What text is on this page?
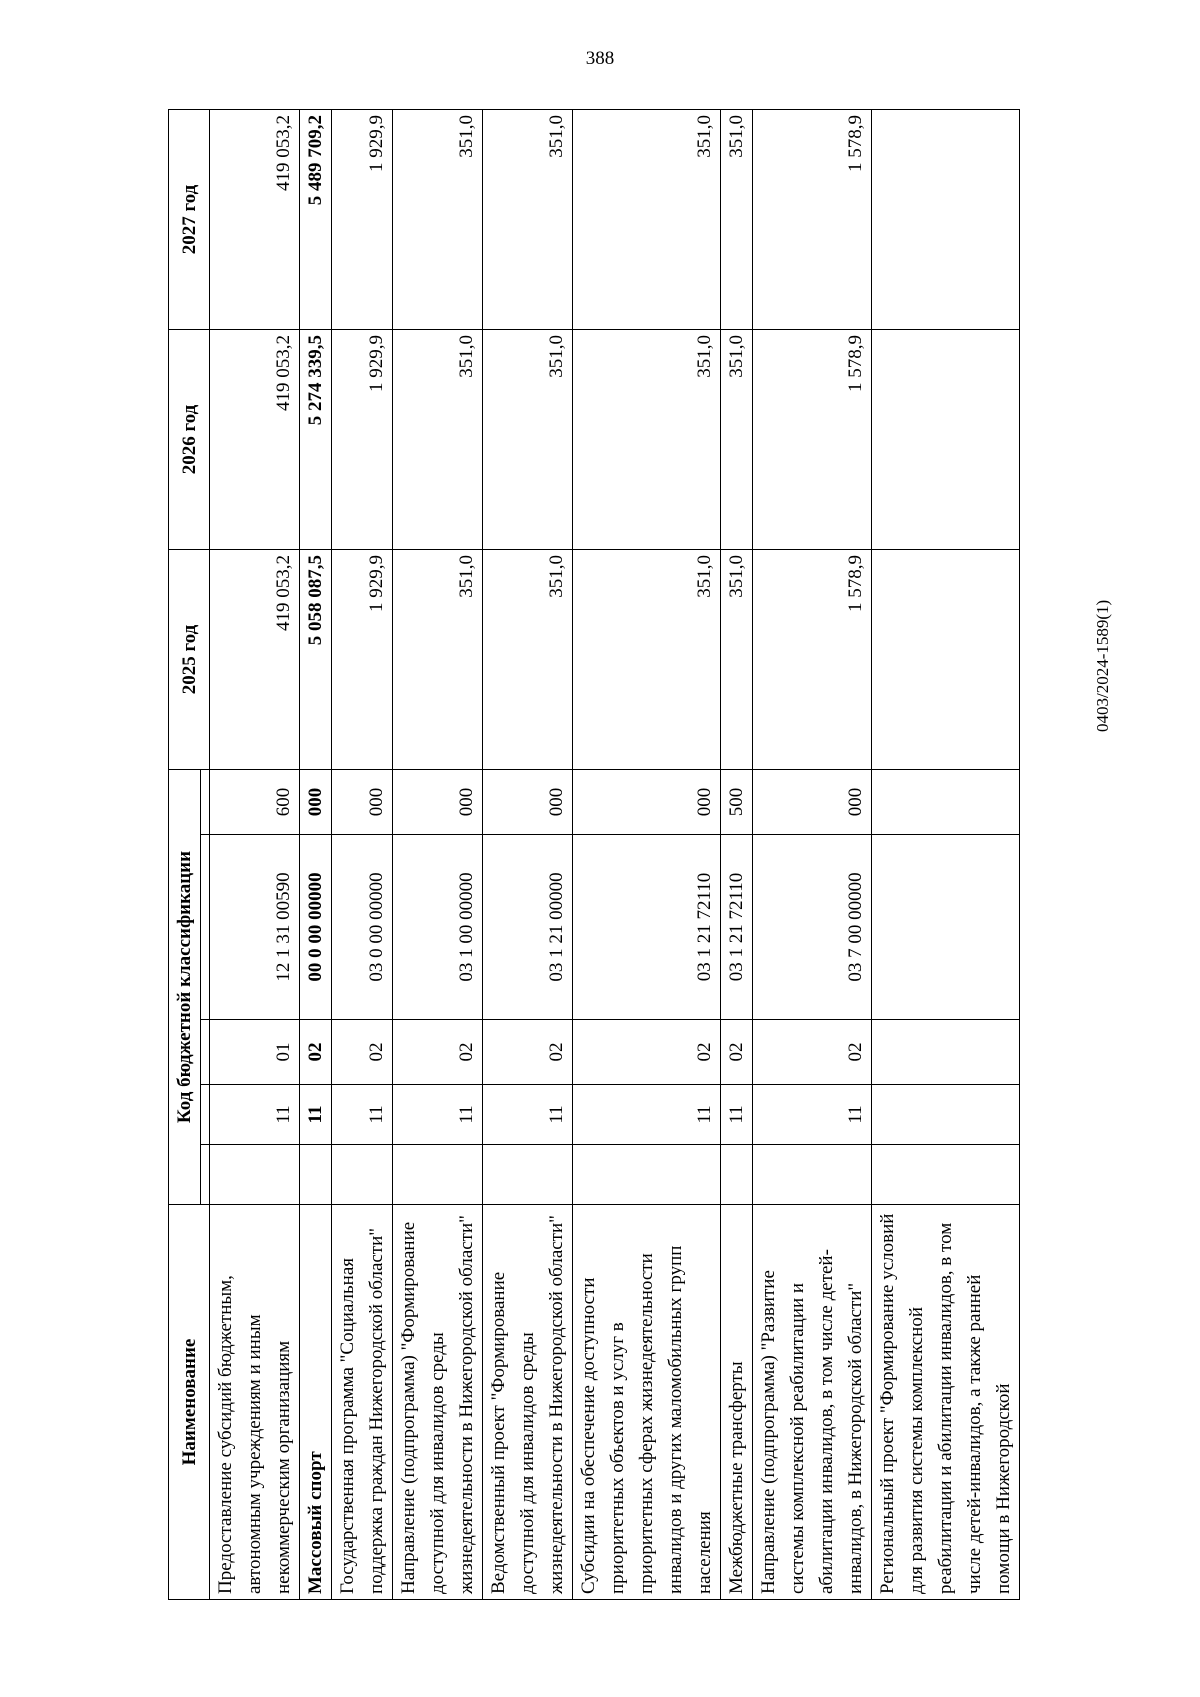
388
Наименование	Код бюджетной классификации					2025 год	2026 год	2027 год

Предоставление субсидий бюджетным, автономным учреждениям и иным некоммерческим организациям		11	01	12 1 31 00590	600	419 053,2	419 053,2	419 053,2
Массовый спорт		11	02	00 0 00 00000	000	5 058 087,5	5 274 339,5	5 489 709,2
Государственная программа "Социальная поддержка граждан Нижегородской области"		11	02	03 0 00 00000	000	1 929,9	1 929,9	1 929,9
Направление (подпрограмма) "Формирование доступной для инвалидов среды жизнедеятельности в Нижегородской области"		11	02	03 1 00 00000	000	351,0	351,0	351,0
Ведомственный проект "Формирование доступной для инвалидов среды жизнедеятельности в Нижегородской области"		11	02	03 1 21 00000	000	351,0	351,0	351,0
Субсидии на обеспечение доступности приоритетных объектов и услуг в приоритетных сферах жизнедеятельности инвалидов и других маломобильных групп населения		11	02	03 1 21 72110	000	351,0	351,0	351,0
Межбюджетные трансферты		11	02	03 1 21 72110	500	351,0	351,0	351,0
Направление (подпрограмма) "Развитие системы комплексной реабилитации и абилитации инвалидов, в том числе детей-инвалидов, в Нижегородской области"		11	02	03 7 00 00000	000	1 578,9	1 578,9	1 578,9
Региональный проект "Формирование условий для развития системы комплексной реабилитации и абилитации инвалидов, в том числе детей-инвалидов, а также ранней помощи в Нижегородской								
0403/2024-1589(1)
